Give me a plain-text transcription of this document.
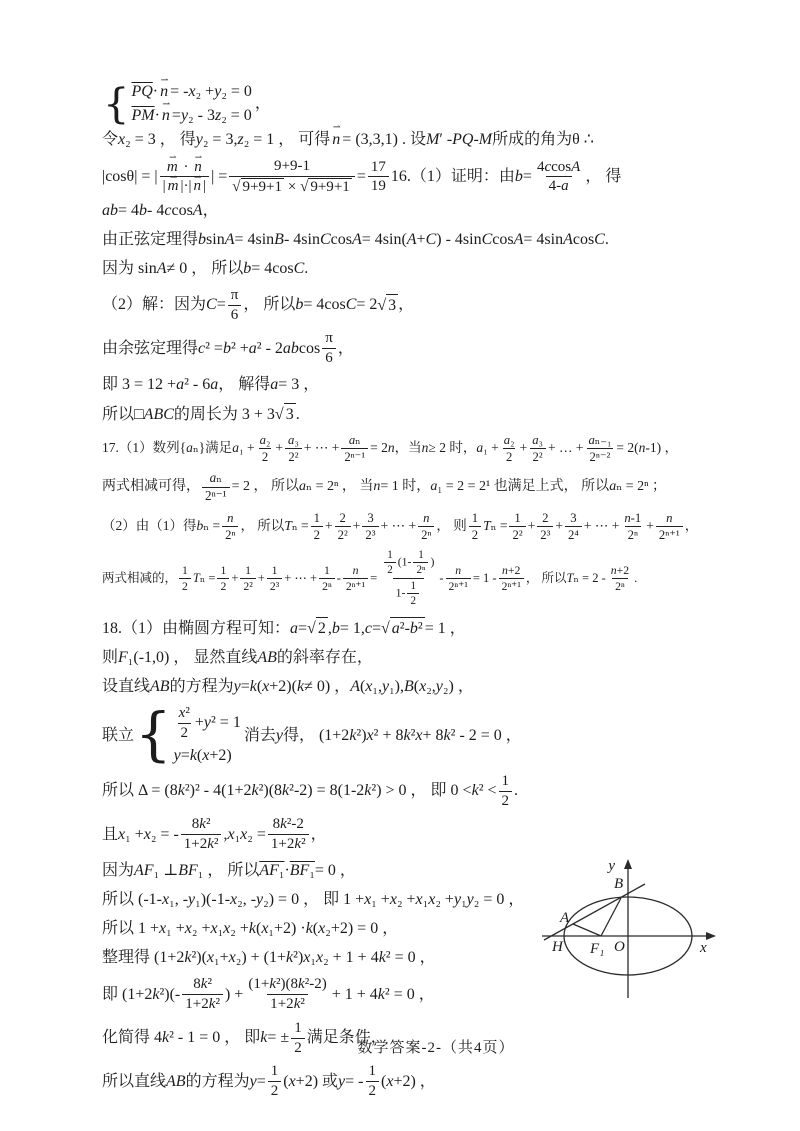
{ $\overline{PQ} \cdot n$ ⇀ = - x ₂ + y ₂ = 0
$\overline{PM} \cdot n$ ⇀ = y ₂ - 3 z ₂ = 0
，
令 x ₂ = 3 ， 得 y ₂ = 3, z ₂ = 1 ， 可得 n ⇀ = (3,3,1) . 设 M ′ - PQ - M 所成的角为θ ∴
|cosθ| = | $\frac{m ⇀ \cdot n ⇀}{| m ⇀ |\cdot| n ⇀ |}$ | = $\frac{9+9-1}{√ 9+9+1 \times √ 9+9+1} = \frac{17}{19} 16.(1)$证明：由 $b = \frac{4ccosA}{4-a}$ ， 得
ab = 4 b - 4 c cos A ，
由正弦定理得 b sin A = 4sin B - 4sin C cos A = 4sin( A + C ) - 4sin C cos A = 4sin A cos C .
因为 sin A ≠ 0 ， 所以 b = 4cos C .
（2）解：因为 $C = \frac{\pi}{6}$ ， 所以 b = 4cos C = 2 √ 3 ，
由余弦定理得 c ² = b ² + a ² - 2 ab $\cos \frac{\pi}{6}$ ，
即 3 = 12 + a ² - 6 a ， 解得 a = 3 ，
所以□ ABC 的周长为 3 + 3 √ 3 .
17.（1）数列{ a ₙ}满足 a $_1 + \frac{\text{a₂}}{2} + \frac{\text{a₃}}{\text{2²}}$ + ⋯ + $\frac{\text{aₙ}}{\text{2ⁿ⁻¹}} = 2$ n ，当 n ≥ 2 时， a $_1 + \frac{\text{a₂}}{2} + \frac{\text{a₃}}{\text{2²}}$ + … + $\frac{\text{aₙ₋₁}}{\text{2ⁿ⁻²}} = 2$( n -1) ，
两式相减可得， $\frac{\text{aₙ}}{\text{2ⁿ⁻¹}} = 2$ ， 所以 a ₙ = 2ⁿ ， 当 n = 1 时， a ₁ = 2 = 2¹ 也满足上式， 所以 a ₙ = 2ⁿ ；
（2）由（1）得 b $_n = \frac{n}{\text{2ⁿ}}$ ， 所以 T $_n = \frac{1}{2} + \frac{2}{\text{2²}} + \frac{3}{\text{2³}}$ + ⋯ + $\frac{n}{\text{2ⁿ}}$ ， 则 $\frac{1}{2}$ T $_n = \frac{1}{\text{2²}} + \frac{2}{\text{2³}} + \frac{3}{\text{2⁴}}$ + ⋯ + $\frac{n-1}{\text{2ⁿ}} + \frac{n}{\text{2ⁿ⁺¹}}$ ，
两式相减的， $\frac{1}{2}$ T $_n = \frac{1}{2} + \frac{1}{\text{2²}} + \frac{1}{\text{2³}}$ + ⋯ + $\frac{1}{\text{2ⁿ}} - \frac{n}{\text{2ⁿ⁺¹}} = \frac{\frac{1}{2} (1- \frac{1}{\text{2ⁿ}} )}{1- \frac{1}{2}} - \frac{n}{\text{2ⁿ⁺¹}} = 1 - \frac{n+2}{\text{2ⁿ⁺¹}}$ ， 所以 T $_n = 2 - \frac{n+2}{\text{2ⁿ}}$ .
18.（1）由椭圆方程可知： a = √ 2 , b = 1, c = √ a²-b² = 1 ，
则 F ₁(-1,0) ， 显然直线 AB 的斜率存在，
设直线 AB 的方程为 y = k ( x +2)( k ≠ 0) ， A ( x ₁, y ₁), B ( x ₂, y ₂) ，
联立 { $\frac{\text{x²}}{2} + y$ ² = 1
y = k ( x +2)
消去 y 得， (1+2 k ²) x ² + 8 k ² x + 8 k ² - 2 = 0 ，
所以 Δ = (8 k ²)² - 4(1+2 k ²)(8 k ²-2) = 8(1-2 k ²) > 0 ， 即 0 < k $^2 < \frac{1}{2}$ .
且 x ₁ + x ₂ = - $\frac{\text{8k²}}{\text{1+2k²}}$ , x ₁ x $_2 = \frac{\text{8k²-2}}{\text{1+2k²}}$ ，
因为 AF ₁ ⊥ BF ₁ ， 所以 AF₁ · BF₁ = 0 ，
所以 (-1- x ₁, - y ₁)(-1- x ₂, - y ₂) = 0 ， 即 1 + x ₁ + x ₂ + x ₁ x ₂ + y ₁ y ₂ = 0 ，
所以 1 + x ₁ + x ₂ + x ₁ x ₂ + k ( x ₁+2) · k ( x ₂+2) = 0 ，
整理得 (1+2 k ²)( x ₁+ x ₂) + (1+ k ²) x ₁ x ₂ + 1 + 4 k ² = 0 ，
即 (1+2 k $^2)(- \frac{\text{8k²}}{\text{1+2k²}}$ ) + $\frac{\text{(1+k²)(8k²-2)}}{\text{1+2k²}} + 1 + 4$ k ² = 0 ，
化简得 4 k ² - 1 = 0 ， 即 k = ± $\frac{1}{2}$ 满足条件，
所以直线 AB 的方程为 $y = \frac{1}{2}$ ( x +2) 或 y = - $\frac{1}{2}$ ( x +2) ，
y
x
O
F₁
H
A
B
数学答案-2-（共4页）
